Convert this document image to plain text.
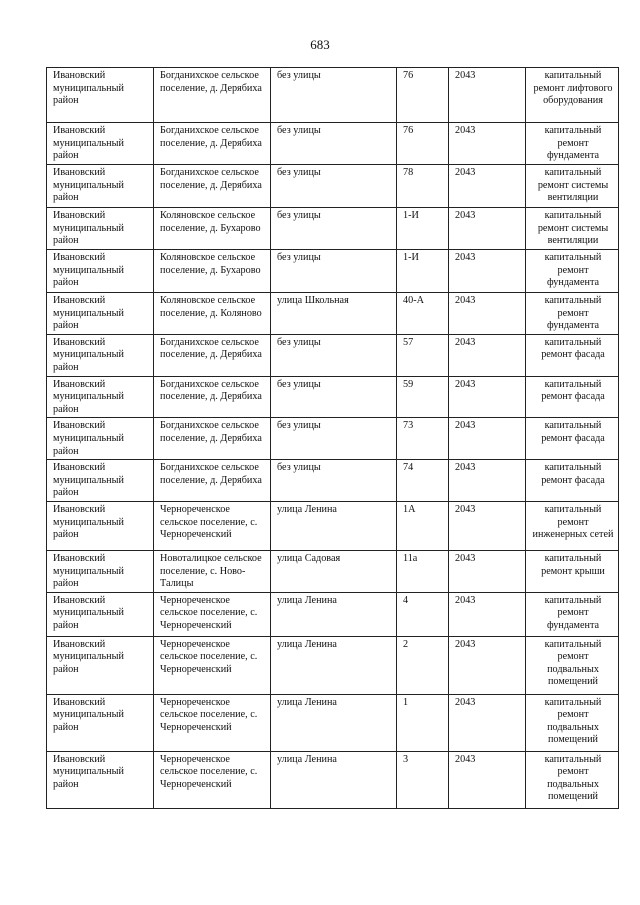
683
Ивановский муниципальный район	Богданихское сельское поселение, д. Дерябиха	без улицы	76	2043	капитальный ремонт лифтового оборудования
Ивановский муниципальный район	Богданихское сельское поселение, д. Дерябиха	без улицы	76	2043	капитальный ремонт фундамента
Ивановский муниципальный район	Богданихское сельское поселение, д. Дерябиха	без улицы	78	2043	капитальный ремонт системы вентиляции
Ивановский муниципальный район	Коляновское сельское поселение, д. Бухарово	без улицы	1-И	2043	капитальный ремонт системы вентиляции
Ивановский муниципальный район	Коляновское сельское поселение, д. Бухарово	без улицы	1-И	2043	капитальный ремонт фундамента
Ивановский муниципальный район	Коляновское сельское поселение, д. Коляново	улица Школьная	40-А	2043	капитальный ремонт фундамента
Ивановский муниципальный район	Богданихское сельское поселение, д. Дерябиха	без улицы	57	2043	капитальный ремонт фасада
Ивановский муниципальный район	Богданихское сельское поселение, д. Дерябиха	без улицы	59	2043	капитальный ремонт фасада
Ивановский муниципальный район	Богданихское сельское поселение, д. Дерябиха	без улицы	73	2043	капитальный ремонт фасада
Ивановский муниципальный район	Богданихское сельское поселение, д. Дерябиха	без улицы	74	2043	капитальный ремонт фасада
Ивановский муниципальный район	Чернореченское сельское поселение, с. Чернореченский	улица Ленина	1А	2043	капитальный ремонт инженерных сетей
Ивановский муниципальный район	Новоталицкое сельское поселение, с. Ново-Талицы	улица Садовая	11а	2043	капитальный ремонт крыши
Ивановский муниципальный район	Чернореченское сельское поселение, с. Чернореченский	улица Ленина	4	2043	капитальный ремонт фундамента
Ивановский муниципальный район	Чернореченское сельское поселение, с. Чернореченский	улица Ленина	2	2043	капитальный ремонт подвальных помещений
Ивановский муниципальный район	Чернореченское сельское поселение, с. Чернореченский	улица Ленина	1	2043	капитальный ремонт подвальных помещений
Ивановский муниципальный район	Чернореченское сельское поселение, с. Чернореченский	улица Ленина	3	2043	капитальный ремонт подвальных помещений
